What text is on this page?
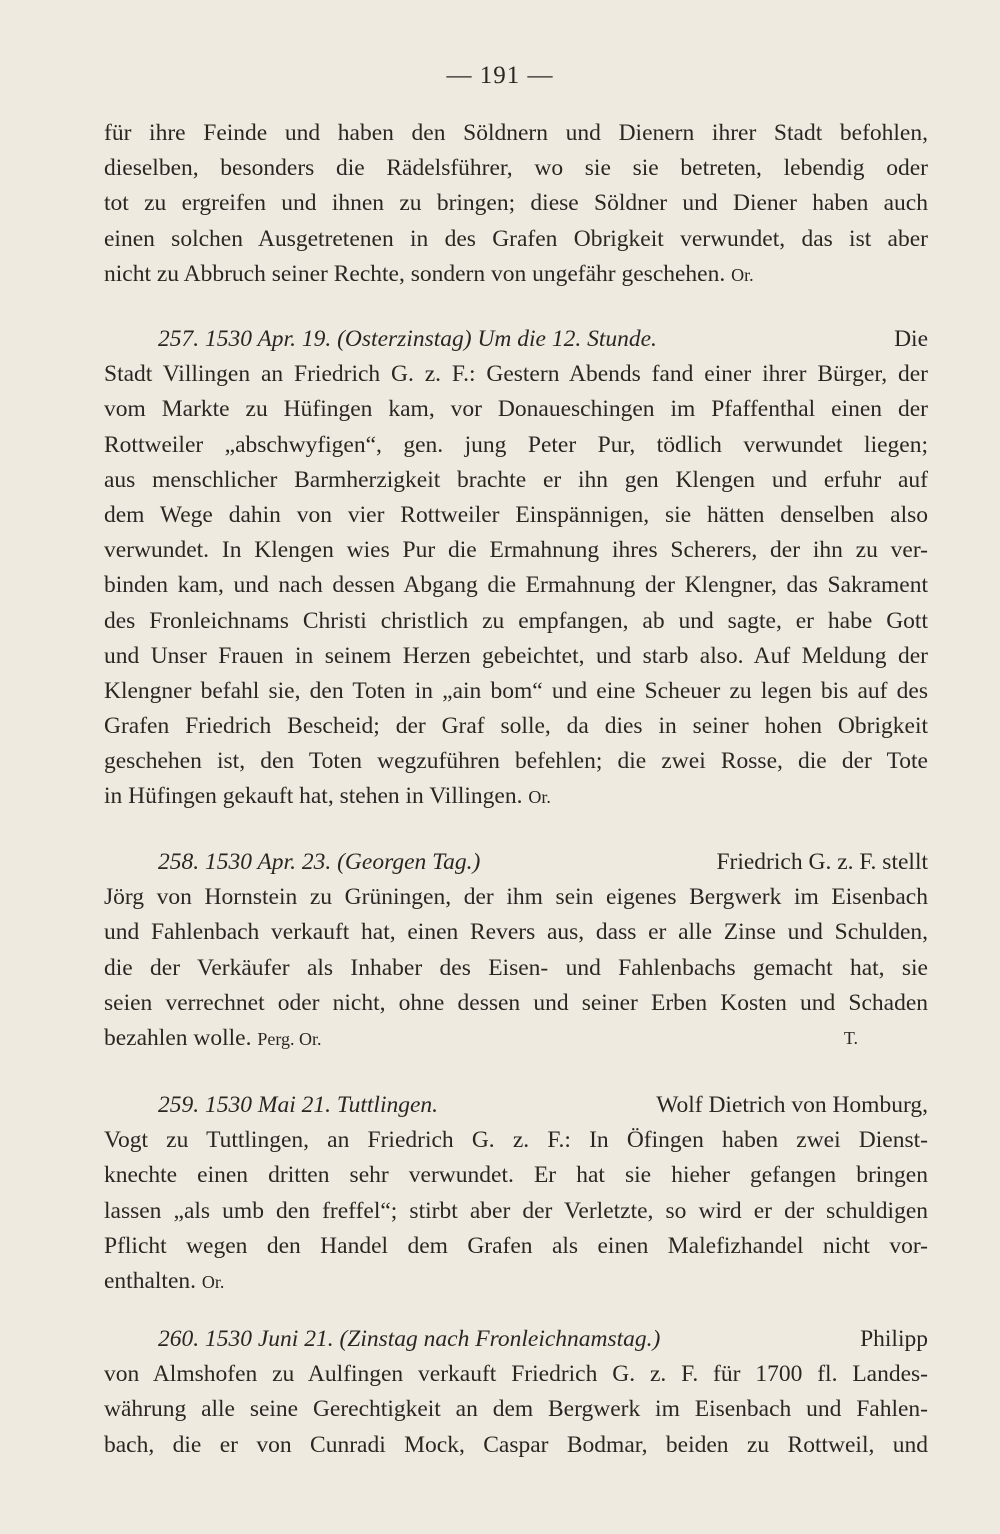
— 191 —
für ihre Feinde und haben den Söldnern und Dienern ihrer Stadt befohlen,
dieselben, besonders die Rädelsführer, wo sie sie betreten, lebendig oder
tot zu ergreifen und ihnen zu bringen; diese Söldner und Diener haben auch
einen solchen Ausgetretenen in des Grafen Obrigkeit verwundet, das ist aber
nicht zu Abbruch seiner Rechte, sondern von ungefähr geschehen. Or.
257. 1530 Apr. 19. (Osterzinstag) Um die 12. Stunde.	Die
Stadt Villingen an Friedrich G. z. F.: Gestern Abends fand einer ihrer Bürger, der
vom Markte zu Hüfingen kam, vor Donaueschingen im Pfaffenthal einen der
Rottweiler „abschwyfigen“, gen. jung Peter Pur, tödlich verwundet liegen;
aus menschlicher Barmherzigkeit brachte er ihn gen Klengen und erfuhr auf
dem Wege dahin von vier Rottweiler Einspännigen, sie hätten denselben also
verwundet. In Klengen wies Pur die Ermahnung ihres Scherers, der ihn zu ver-
binden kam, und nach dessen Abgang die Ermahnung der Klengner, das Sakrament
des Fronleichnams Christi christlich zu empfangen, ab und sagte, er habe Gott
und Unser Frauen in seinem Herzen gebeichtet, und starb also. Auf Meldung der
Klengner befahl sie, den Toten in „ain bom“ und eine Scheuer zu legen bis auf des
Grafen Friedrich Bescheid; der Graf solle, da dies in seiner hohen Obrigkeit
geschehen ist, den Toten wegzuführen befehlen; die zwei Rosse, die der Tote
in Hüfingen gekauft hat, stehen in Villingen. Or.
258. 1530 Apr. 23. (Georgen Tag.)	Friedrich G. z. F. stellt
Jörg von Hornstein zu Grüningen, der ihm sein eigenes Bergwerk im Eisenbach
und Fahlenbach verkauft hat, einen Revers aus, dass er alle Zinse und Schulden,
die der Verkäufer als Inhaber des Eisen- und Fahlenbachs gemacht hat, sie
seien verrechnet oder nicht, ohne dessen und seiner Erben Kosten und Schaden
bezahlen wolle. Perg. Or.	T.
259. 1530 Mai 21. Tuttlingen.	Wolf Dietrich von Homburg,
Vogt zu Tuttlingen, an Friedrich G. z. F.: In Öfingen haben zwei Dienst-
knechte einen dritten sehr verwundet. Er hat sie hieher gefangen bringen
lassen „als umb den freffel“; stirbt aber der Verletzte, so wird er der schuldigen
Pflicht wegen den Handel dem Grafen als einen Malefizhandel nicht vor-
enthalten. Or.
260. 1530 Juni 21. (Zinstag nach Fronleichnamstag.)	Philipp
von Almshofen zu Aulfingen verkauft Friedrich G. z. F. für 1700 fl. Landes-
währung alle seine Gerechtigkeit an dem Bergwerk im Eisenbach und Fahlen-
bach, die er von Cunradi Mock, Caspar Bodmar, beiden zu Rottweil, und
